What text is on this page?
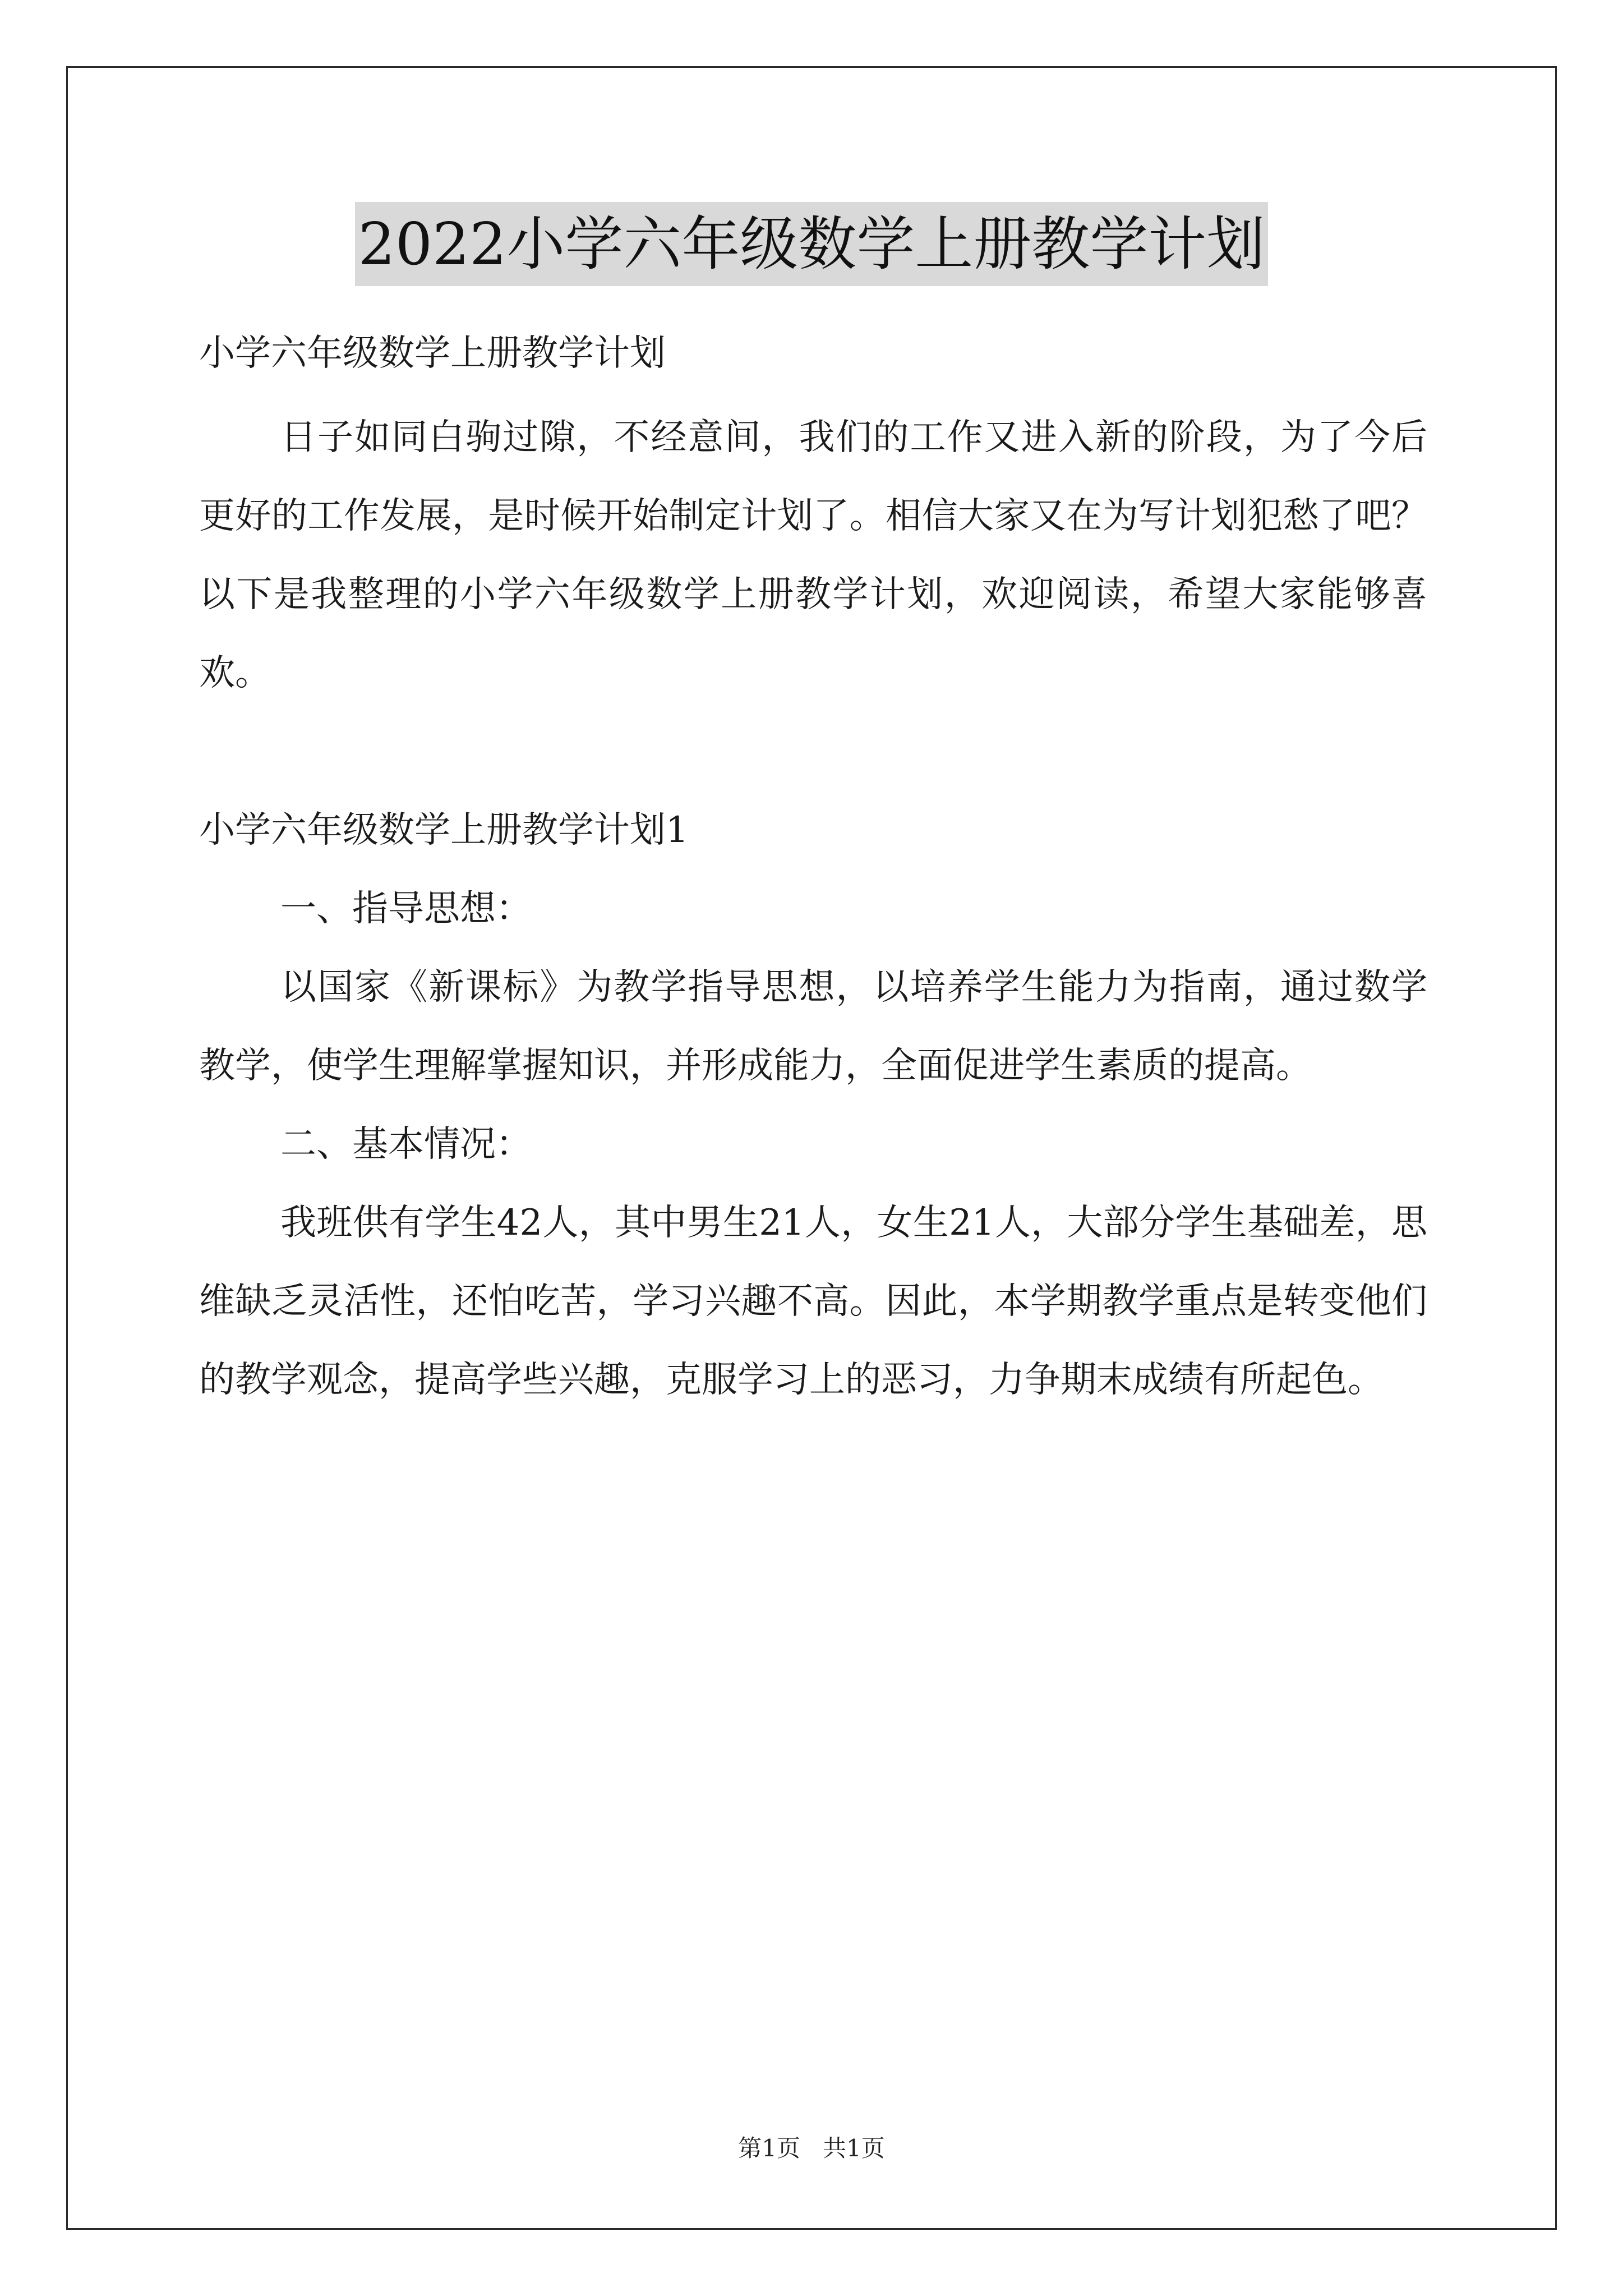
2022小学六年级数学上册教学计划

小学六年级数学上册教学计划

日子如同白驹过隙，不经意间，我们的工作又进入新的阶段，为了今后更好的工作发展，是时候开始制定计划了。相信大家又在为写计划犯愁了吧？以下是我整理的小学六年级数学上册教学计划，欢迎阅读，希望大家能够喜欢。

小学六年级数学上册教学计划1

一、指导思想：

以国家《新课标》为教学指导思想，以培养学生能力为指南，通过数学教学，使学生理解掌握知识，并形成能力，全面促进学生素质的提高。

二、基本情况：

我班供有学生42人，其中男生21人，女生21人，大部分学生基础差，思维缺乏灵活性，还怕吃苦，学习兴趣不高。因此，本学期教学重点是转变他们的教学观念，提高学些兴趣，克服学习上的恶习，力争期末成绩有所起色。

第1页 共1页
